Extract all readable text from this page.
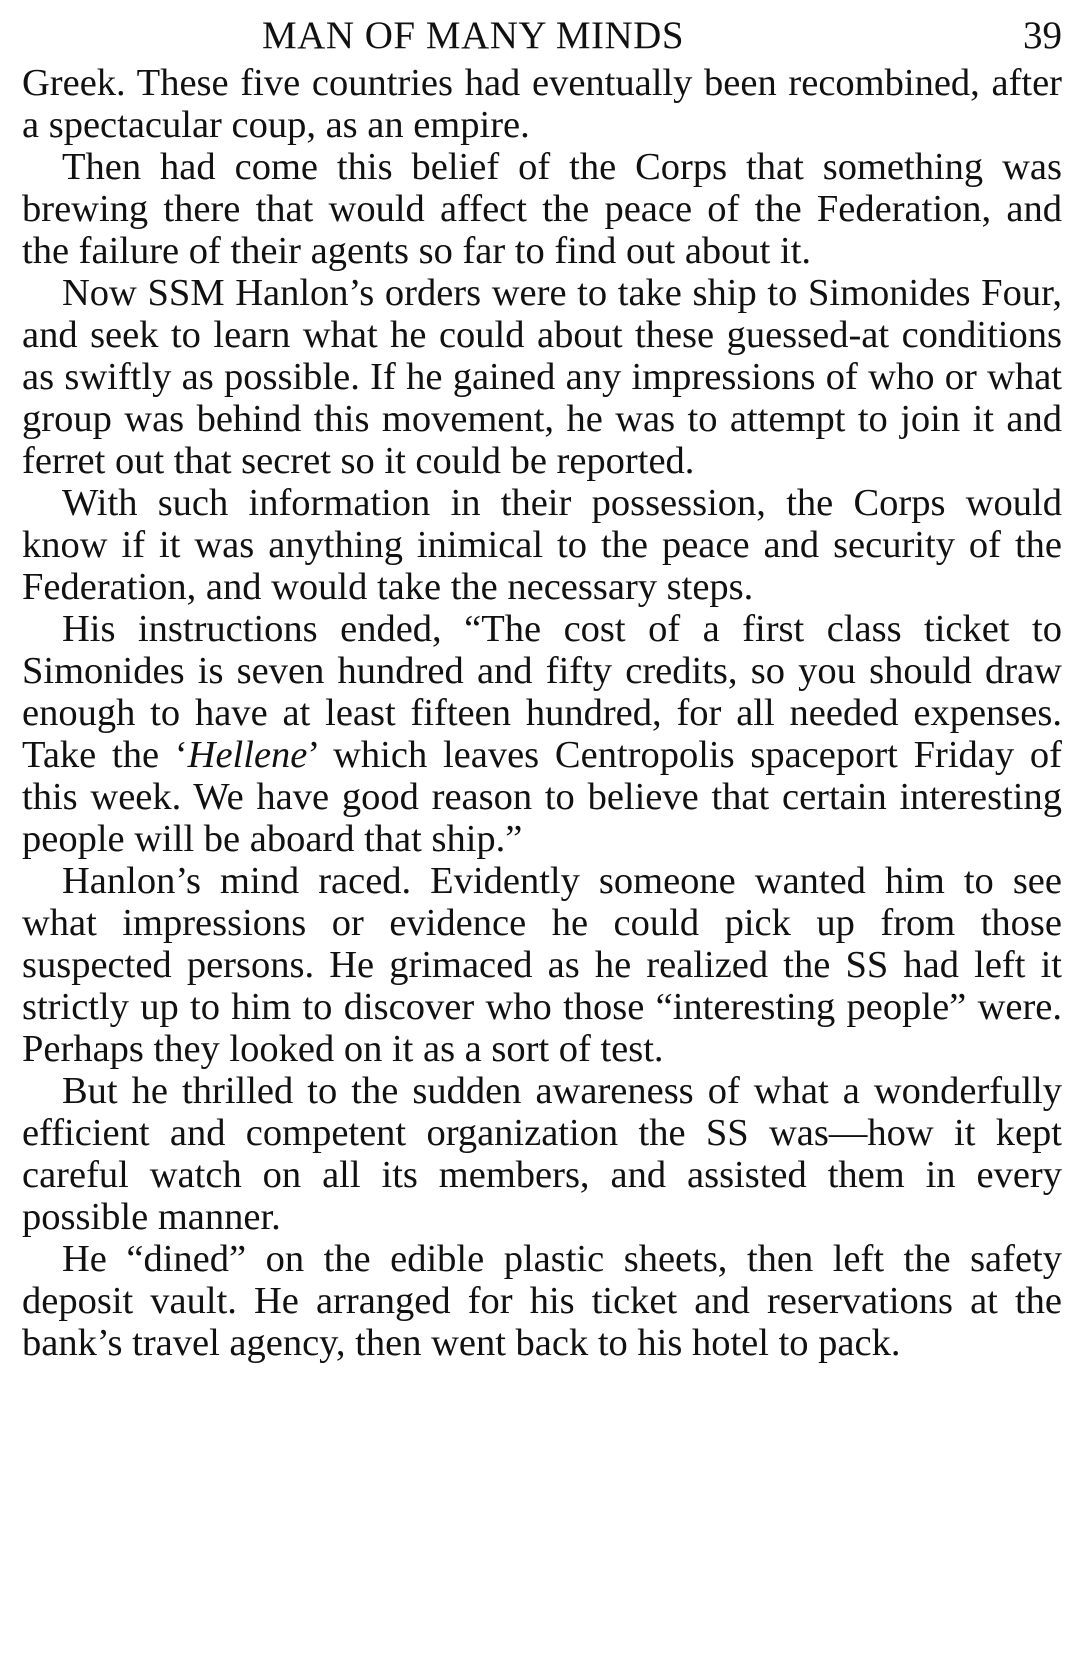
MAN OF MANY MINDS	39

Greek. These five countries had eventually been recombined, after a spectacular coup, as an empire.

Then had come this belief of the Corps that something was brewing there that would affect the peace of the Federation, and the failure of their agents so far to find out about it.

Now SSM Hanlon’s orders were to take ship to Simonides Four, and seek to learn what he could about these guessed-at conditions as swiftly as possible. If he gained any impressions of who or what group was behind this movement, he was to attempt to join it and ferret out that secret so it could be reported.

With such information in their possession, the Corps would know if it was anything inimical to the peace and security of the Federation, and would take the necessary steps.

His instructions ended, “The cost of a first class ticket to Simonides is seven hundred and fifty credits, so you should draw enough to have at least fifteen hundred, for all needed expenses. Take the ‘Hellene’ which leaves Centropolis spaceport Friday of this week. We have good reason to believe that certain interesting people will be aboard that ship.”

Hanlon’s mind raced. Evidently someone wanted him to see what impressions or evidence he could pick up from those suspected persons. He grimaced as he realized the SS had left it strictly up to him to discover who those “interesting people” were. Perhaps they looked on it as a sort of test.

But he thrilled to the sudden awareness of what a wonderfully efficient and competent organization the SS was—how it kept careful watch on all its members, and assisted them in every possible manner.

He “dined” on the edible plastic sheets, then left the safety deposit vault. He arranged for his ticket and reservations at the bank’s travel agency, then went back to his hotel to pack.
